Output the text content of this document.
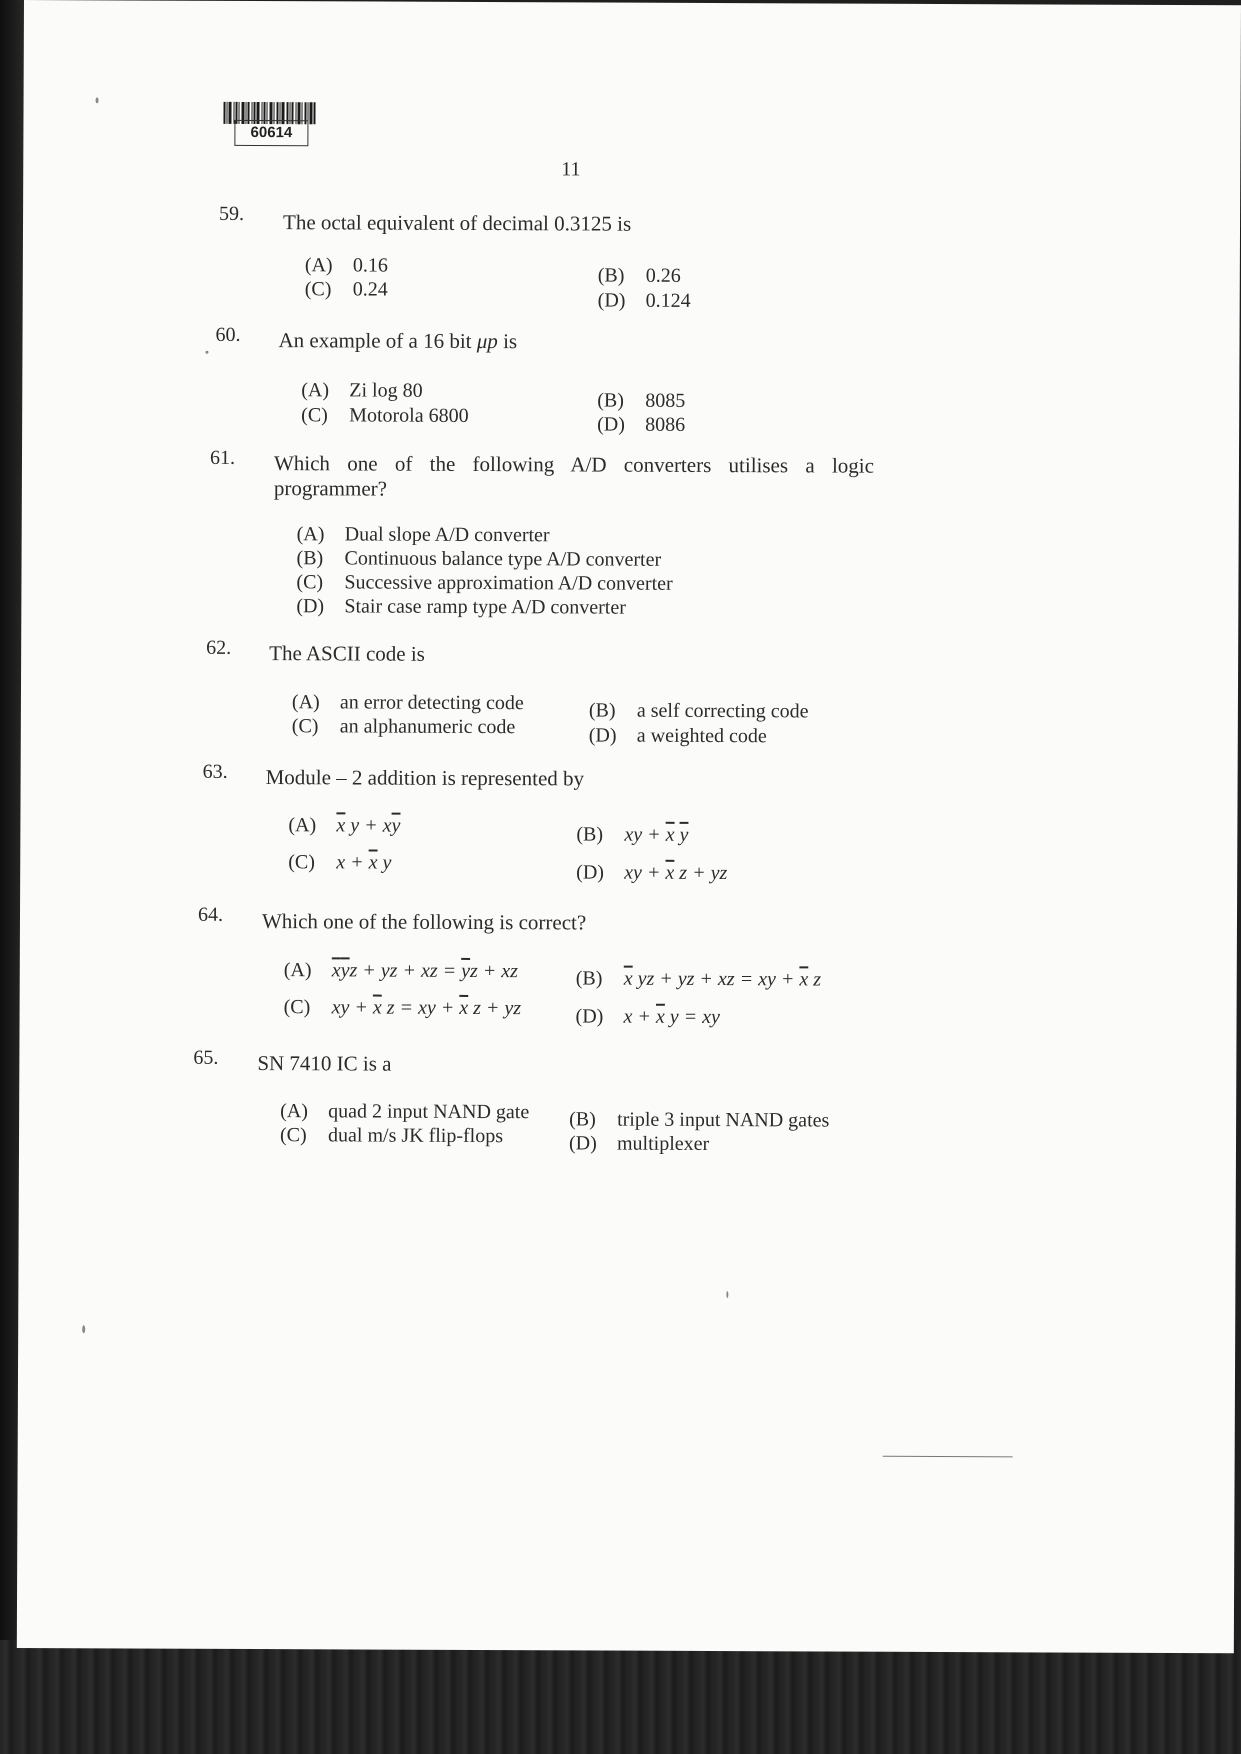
60614
11
59. The octal equivalent of decimal 0.3125 is
(A) 0.16
(C) 0.24
(B) 0.26
(D) 0.124
60. An example of a 16 bit μp is
(A) Zi log 80
(C) Motorola 6800
(B) 8085
(D) 8086
61. Which one of the following A/D converters utilises a logic programmer?
(A) Dual slope A/D converter
(B) Continuous balance type A/D converter
(C) Successive approximation A/D converter
(D) Stair case ramp type A/D converter
62. The ASCII code is
(A) an error detecting code
(C) an alphanumeric code
(B) a self correcting code
(D) a weighted code
63. Module – 2 addition is represented by
(A) $\overline{x}$ $y + x\overline{y}$
(C) $x + \overline{x}$ y
(B) xy + $\overline{x}$ $\overline{y}$
(D) xy + $\overline{x}$ z + yz
64. Which one of the following is correct?
(A) $\overline{x}\overline{y}z$ + yz + xz = $\overline{y}z$ + xz
(C) xy + $\overline{x}$ z = xy + $\overline{x}$ z + yz
(B) $\overline{x}$ yz + yz + xz = xy + $\overline{x}$ z
(D) $x + \overline{x}$ y = xy
65. SN 7410 IC is a
(A) quad 2 input NAND gate
(C) dual m/s JK flip-flops
(B) triple 3 input NAND gates
(D) multiplexer
